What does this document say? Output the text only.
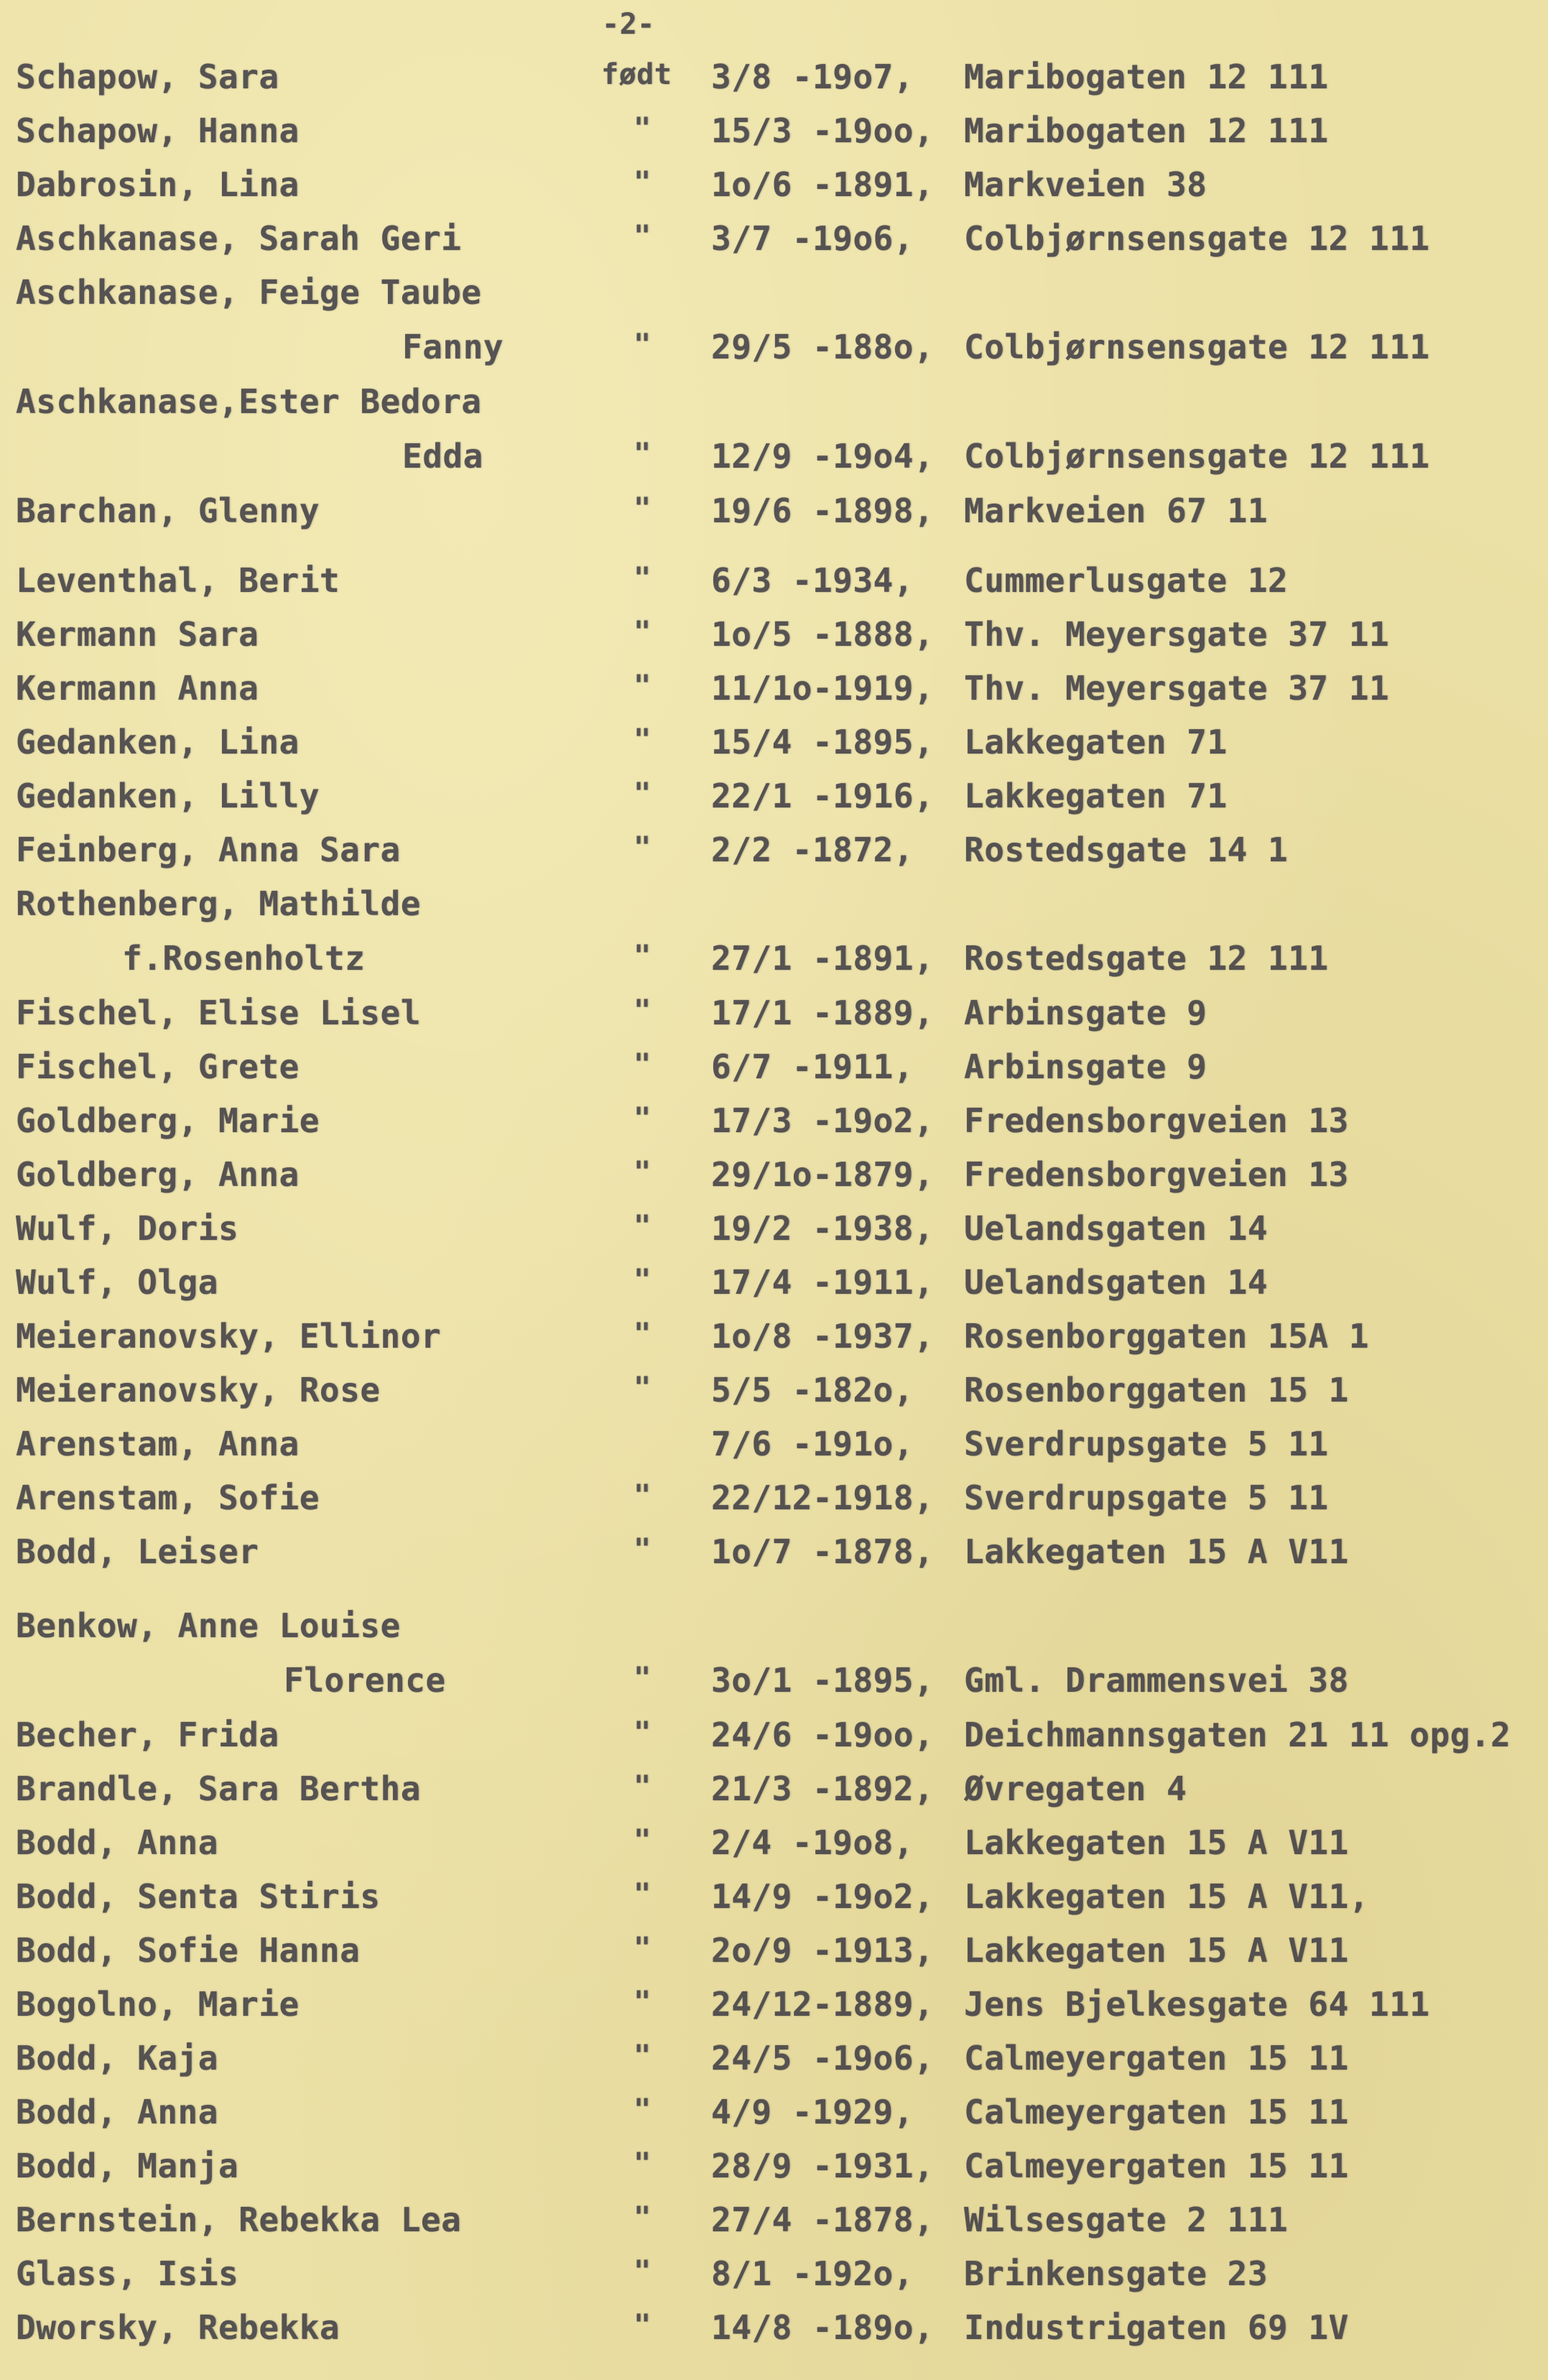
-2-
Schapow, Sara	født 3/8 -19o7, Maribogaten 12 111
Schapow, Hanna	" 15/3 -19oo, Maribogaten 12 111
Dabrosin, Lina	" 1o/6 -1891, Markveien 38
Aschkanase, Sarah Geri	" 3/7 -19o6, Colbjørnsensgate 12 111
Aschkanase, Feige Taube
Fanny	" 29/5 -188o, Colbjørnsensgate 12 111
Aschkanase,Ester Bedora
Edda	" 12/9 -19o4, Colbjørnsensgate 12 111
Barchan, Glenny	" 19/6 -1898, Markveien 67 11
Leventhal, Berit	" 6/3 -1934, Cummerlusgate 12
Kermann Sara	" 1o/5 -1888, Thv. Meyersgate 37 11
Kermann Anna	" 11/1o-1919, Thv. Meyersgate 37 11
Gedanken, Lina	" 15/4 -1895, Lakkegaten 71
Gedanken, Lilly	" 22/1 -1916, Lakkegaten 71
Feinberg, Anna Sara	" 2/2 -1872, Rostedsgate 14 1
Rothenberg, Mathilde
f.Rosenholtz	" 27/1 -1891, Rostedsgate 12 111
Fischel, Elise Lisel	" 17/1 -1889, Arbinsgate 9
Fischel, Grete	" 6/7 -1911, Arbinsgate 9
Goldberg, Marie	" 17/3 -19o2, Fredensborgveien 13
Goldberg, Anna	" 29/1o-1879, Fredensborgveien 13
Wulf, Doris	" 19/2 -1938, Uelandsgaten 14
Wulf, Olga	" 17/4 -1911, Uelandsgaten 14
Meieranovsky, Ellinor	" 1o/8 -1937, Rosenborggaten 15A 1
Meieranovsky, Rose	" 5/5 -182o, Rosenborggaten 15 1
Arenstam, Anna	7/6 -191o, Sverdrupsgate 5 11
Arenstam, Sofie	" 22/12-1918, Sverdrupsgate 5 11
Bodd, Leiser	" 1o/7 -1878, Lakkegaten 15 A V11
Benkow, Anne Louise
Florence	" 3o/1 -1895, Gml. Drammensvei 38
Becher, Frida	" 24/6 -19oo, Deichmannsgaten 21 11 opg.2
Brandle, Sara Bertha	" 21/3 -1892, Øvregaten 4
Bodd, Anna	" 2/4 -19o8, Lakkegaten 15 A V11
Bodd, Senta Stiris	" 14/9 -19o2, Lakkegaten 15 A V11,
Bodd, Sofie Hanna	" 2o/9 -1913, Lakkegaten 15 A V11
Bogolno, Marie	" 24/12-1889, Jens Bjelkesgate 64 111
Bodd, Kaja	" 24/5 -19o6, Calmeyergaten 15 11
Bodd, Anna	" 4/9 -1929, Calmeyergaten 15 11
Bodd, Manja	" 28/9 -1931, Calmeyergaten 15 11
Bernstein, Rebekka Lea	" 27/4 -1878, Wilsesgate 2 111
Glass, Isis	" 8/1 -192o, Brinkensgate 23
Dworsky, Rebekka	" 14/8 -189o, Industrigaten 69 1V
